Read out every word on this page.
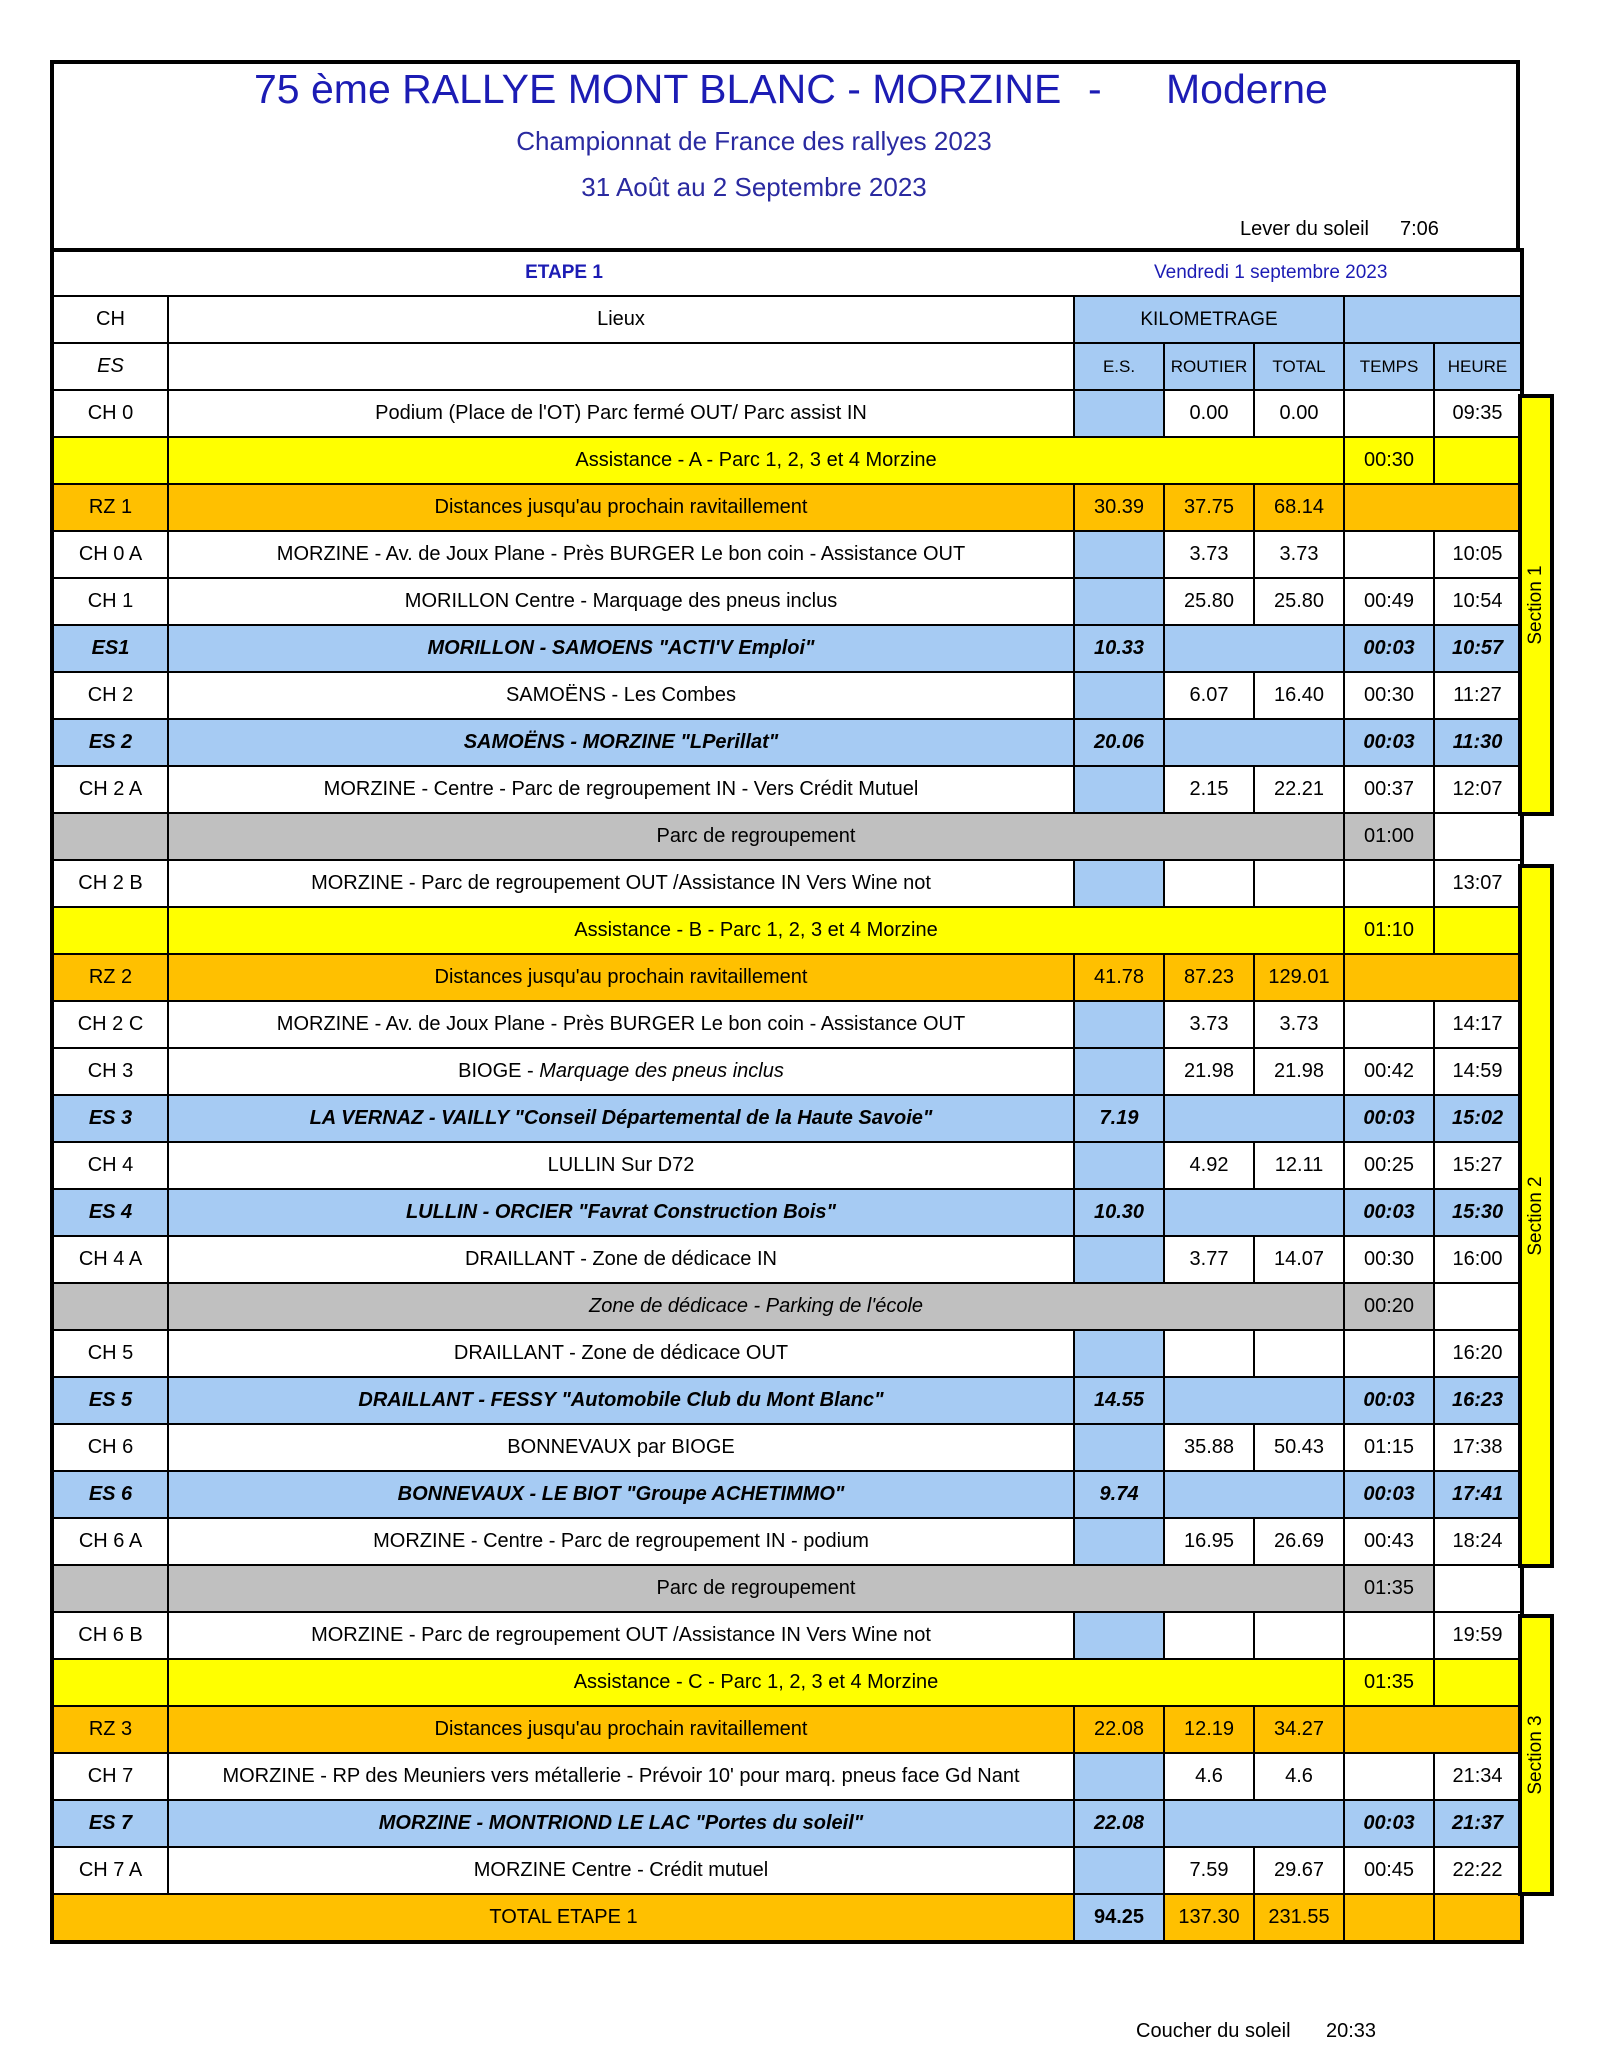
75 ème RALLYE MONT BLANC - MORZINE - Moderne
Championnat de France des rallyes 2023
31 Août au 2 Septembre 2023
Lever du soleil 7:06
ETAPE 1		Vendredi 1 septembre 2023				
CH	Lieux	KILOMETRAGE				
ES		E.S.	ROUTIER	TOTAL	TEMPS	HEURE
CH 0	Podium (Place de l'OT) Parc fermé OUT/ Parc assist IN		0.00	0.00		09:35
	Assistance - A - Parc 1, 2, 3 et 4 Morzine				00:30	
RZ 1	Distances jusqu'au prochain ravitaillement	30.39	37.75	68.14		
CH 0 A	MORZINE - Av. de Joux Plane - Près BURGER Le bon coin - Assistance OUT		3.73	3.73		10:05
CH 1	MORILLON Centre - Marquage des pneus inclus		25.80	25.80	00:49	10:54
ES1	MORILLON - SAMOENS "ACTI'V Emploi"	10.33			00:03	10:57
CH 2	SAMOËNS - Les Combes		6.07	16.40	00:30	11:27
ES 2	SAMOËNS - MORZINE "LPerillat"	20.06			00:03	11:30
CH 2 A	MORZINE - Centre - Parc de regroupement IN - Vers Crédit Mutuel		2.15	22.21	00:37	12:07
	Parc de regroupement				01:00	
CH 2 B	MORZINE - Parc de regroupement OUT /Assistance IN Vers Wine not					13:07
	Assistance - B - Parc 1, 2, 3 et 4 Morzine				01:10	
RZ 2	Distances jusqu'au prochain ravitaillement	41.78	87.23	129.01		
CH 2 C	MORZINE - Av. de Joux Plane - Près BURGER Le bon coin - Assistance OUT		3.73	3.73		14:17
CH 3	BIOGE - Marquage des pneus inclus		21.98	21.98	00:42	14:59
ES 3	LA VERNAZ - VAILLY "Conseil Départemental de la Haute Savoie"	7.19			00:03	15:02
CH 4	LULLIN Sur D72		4.92	12.11	00:25	15:27
ES 4	LULLIN - ORCIER "Favrat Construction Bois"	10.30			00:03	15:30
CH 4 A	DRAILLANT - Zone de dédicace IN		3.77	14.07	00:30	16:00
	Zone de dédicace - Parking de l'école				00:20	
CH 5	DRAILLANT - Zone de dédicace OUT					16:20
ES 5	DRAILLANT - FESSY "Automobile Club du Mont Blanc"	14.55			00:03	16:23
CH 6	BONNEVAUX par BIOGE		35.88	50.43	01:15	17:38
ES 6	BONNEVAUX - LE BIOT "Groupe ACHETIMMO"	9.74			00:03	17:41
CH 6 A	MORZINE - Centre - Parc de regroupement IN - podium		16.95	26.69	00:43	18:24
	Parc de regroupement				01:35	
CH 6 B	MORZINE - Parc de regroupement OUT /Assistance IN Vers Wine not					19:59
	Assistance - C - Parc 1, 2, 3 et 4 Morzine				01:35	
RZ 3	Distances jusqu'au prochain ravitaillement	22.08	12.19	34.27		
CH 7	MORZINE - RP des Meuniers vers métallerie - Prévoir 10' pour marq. pneus face Gd Nant		4.6	4.6		21:34
ES 7	MORZINE - MONTRIOND LE LAC "Portes du soleil"	22.08			00:03	21:37
CH 7 A	MORZINE Centre - Crédit mutuel		7.59	29.67	00:45	22:22
TOTAL ETAPE 1		94.25	137.30	231.55		
Section 1
Section 2
Section 3
Coucher du soleil 20:33
